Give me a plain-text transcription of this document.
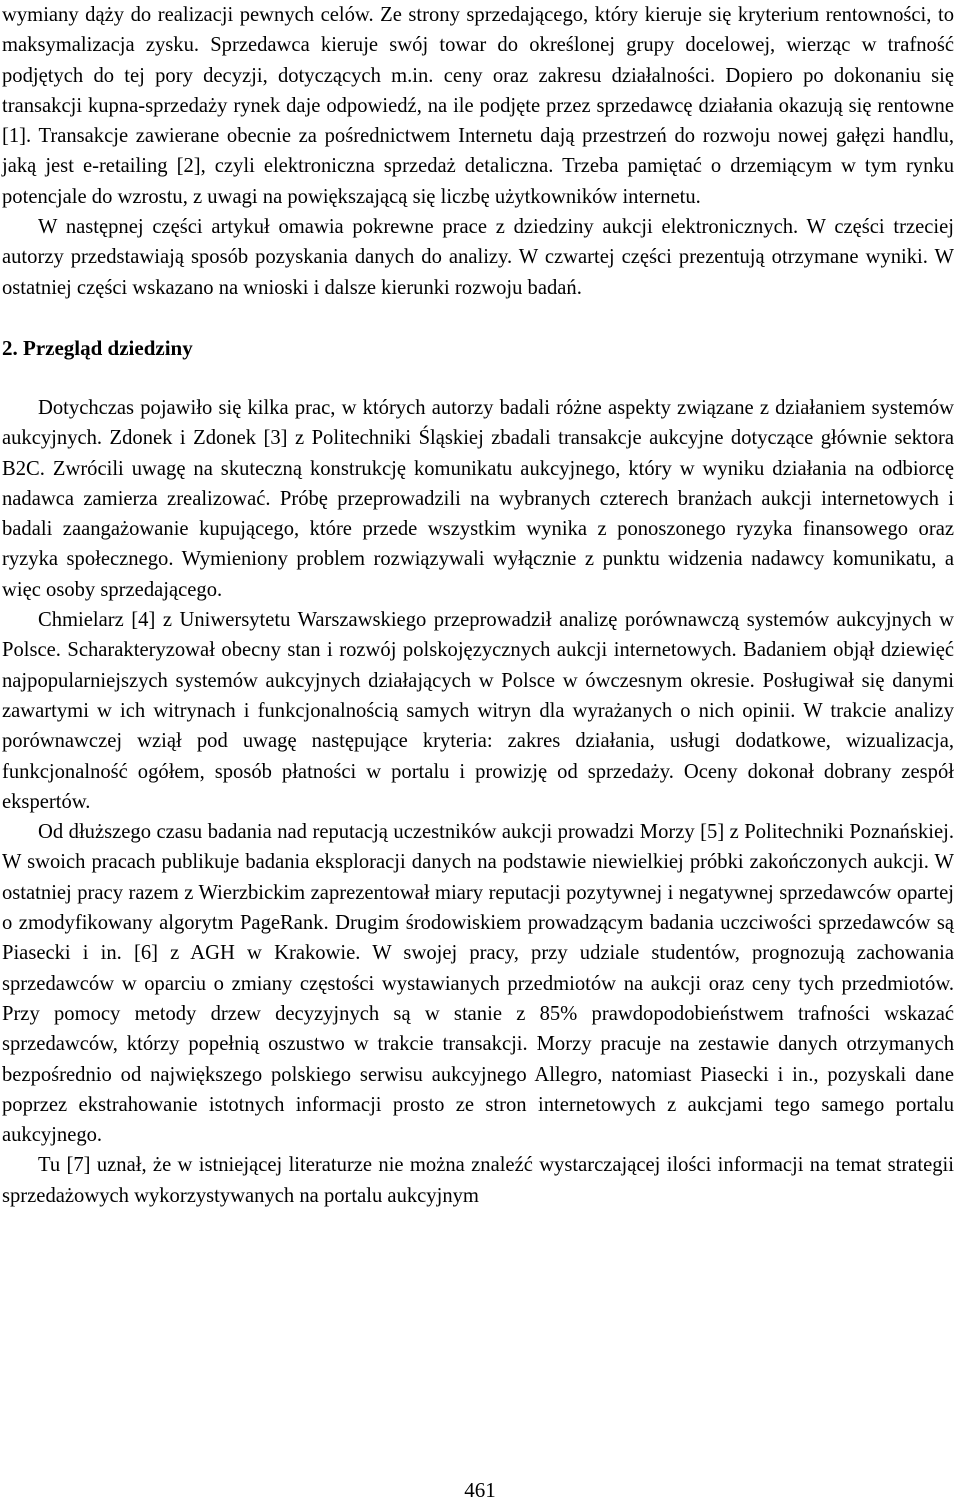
wymiany dąży do realizacji pewnych celów. Ze strony sprzedającego, który kieruje się kryterium rentowności, to maksymalizacja zysku. Sprzedawca kieruje swój towar do określonej grupy docelowej, wierząc w trafność podjętych do tej pory decyzji, dotyczących m.in. ceny oraz zakresu działalności. Dopiero po dokonaniu się transakcji kupna-sprzedaży rynek daje odpowiedź, na ile podjęte przez sprzedawcę działania okazują się rentowne [1]. Transakcje zawierane obecnie za pośrednictwem Internetu dają przestrzeń do rozwoju nowej gałęzi handlu, jaką jest e-retailing [2], czyli elektroniczna sprzedaż detaliczna. Trzeba pamiętać o drzemiącym w tym rynku potencjale do wzrostu, z uwagi na powiększającą się liczbę użytkowników internetu.

W następnej części artykuł omawia pokrewne prace z dziedziny aukcji elektronicznych. W części trzeciej autorzy przedstawiają sposób pozyskania danych do analizy. W czwartej części prezentują otrzymane wyniki. W ostatniej części wskazano na wnioski i dalsze kierunki rozwoju badań.

2. Przegląd dziedziny

Dotychczas pojawiło się kilka prac, w których autorzy badali różne aspekty związane z działaniem systemów aukcyjnych. Zdonek i Zdonek [3] z Politechniki Śląskiej zbadali transakcje aukcyjne dotyczące głównie sektora B2C. Zwrócili uwagę na skuteczną konstrukcję komunikatu aukcyjnego, który w wyniku działania na odbiorcę nadawca zamierza zrealizować. Próbę przeprowadzili na wybranych czterech branżach aukcji internetowych i badali zaangażowanie kupującego, które przede wszystkim wynika z ponoszonego ryzyka finansowego oraz ryzyka społecznego. Wymieniony problem rozwiązywali wyłącznie z punktu widzenia nadawcy komunikatu, a więc osoby sprzedającego.

Chmielarz [4] z Uniwersytetu Warszawskiego przeprowadził analizę porównawczą systemów aukcyjnych w Polsce. Scharakteryzował obecny stan i rozwój polskojęzycznych aukcji internetowych. Badaniem objął dziewięć najpopularniejszych systemów aukcyjnych działających w Polsce w ówczesnym okresie. Posługiwał się danymi zawartymi w ich witrynach i funkcjonalnością samych witryn dla wyrażanych o nich opinii. W trakcie analizy porównawczej wziął pod uwagę następujące kryteria: zakres działania, usługi dodatkowe, wizualizacja, funkcjonalność ogółem, sposób płatności w portalu i prowizję od sprzedaży. Oceny dokonał dobrany zespół ekspertów.

Od dłuższego czasu badania nad reputacją uczestników aukcji prowadzi Morzy [5] z Politechniki Poznańskiej. W swoich pracach publikuje badania eksploracji danych na podstawie niewielkiej próbki zakończonych aukcji. W ostatniej pracy razem z Wierzbickim zaprezentował miary reputacji pozytywnej i negatywnej sprzedawców opartej o zmodyfikowany algorytm PageRank. Drugim środowiskiem prowadzącym badania uczciwości sprzedawców są Piasecki i in. [6] z AGH w Krakowie. W swojej pracy, przy udziale studentów, prognozują zachowania sprzedawców w oparciu o zmiany częstości wystawianych przedmiotów na aukcji oraz ceny tych przedmiotów. Przy pomocy metody drzew decyzyjnych są w stanie z 85% prawdopodobieństwem trafności wskazać sprzedawców, którzy popełnią oszustwo w trakcie transakcji. Morzy pracuje na zestawie danych otrzymanych bezpośrednio od największego polskiego serwisu aukcyjnego Allegro, natomiast Piasecki i in., pozyskali dane poprzez ekstrahowanie istotnych informacji prosto ze stron internetowych z aukcjami tego samego portalu aukcyjnego.

Tu [7] uznał, że w istniejącej literaturze nie można znaleźć wystarczającej ilości informacji na temat strategii sprzedażowych wykorzystywanych na portalu aukcyjnym

461
